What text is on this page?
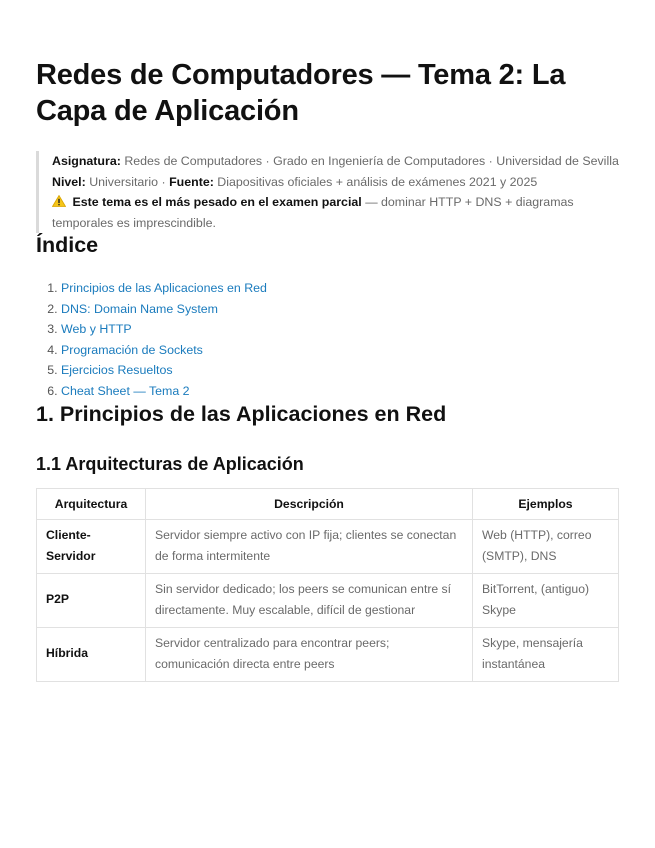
Redes de Computadores — Tema 2: La Capa de Aplicación
Asignatura: Redes de Computadores · Grado en Ingeniería de Computadores · Universidad de Sevilla
Nivel: Universitario · Fuente: Diapositivas oficiales + análisis de exámenes 2021 y 2025
Este tema es el más pesado en el examen parcial — dominar HTTP + DNS + diagramas temporales es imprescindible.
Índice
1. Principios de las Aplicaciones en Red
2. DNS: Domain Name System
3. Web y HTTP
4. Programación de Sockets
5. Ejercicios Resueltos
6. Cheat Sheet — Tema 2
1. Principios de las Aplicaciones en Red
1.1 Arquitecturas de Aplicación
Arquitectura	Descripción	Ejemplos
Cliente-Servidor	Servidor siempre activo con IP fija; clientes se conectan de forma intermitente	Web (HTTP), correo (SMTP), DNS
P2P	Sin servidor dedicado; los peers se comunican entre sí directamente. Muy escalable, difícil de gestionar	BitTorrent, (antiguo) Skype
Híbrida	Servidor centralizado para encontrar peers; comunicación directa entre peers	Skype, mensajería instantánea
